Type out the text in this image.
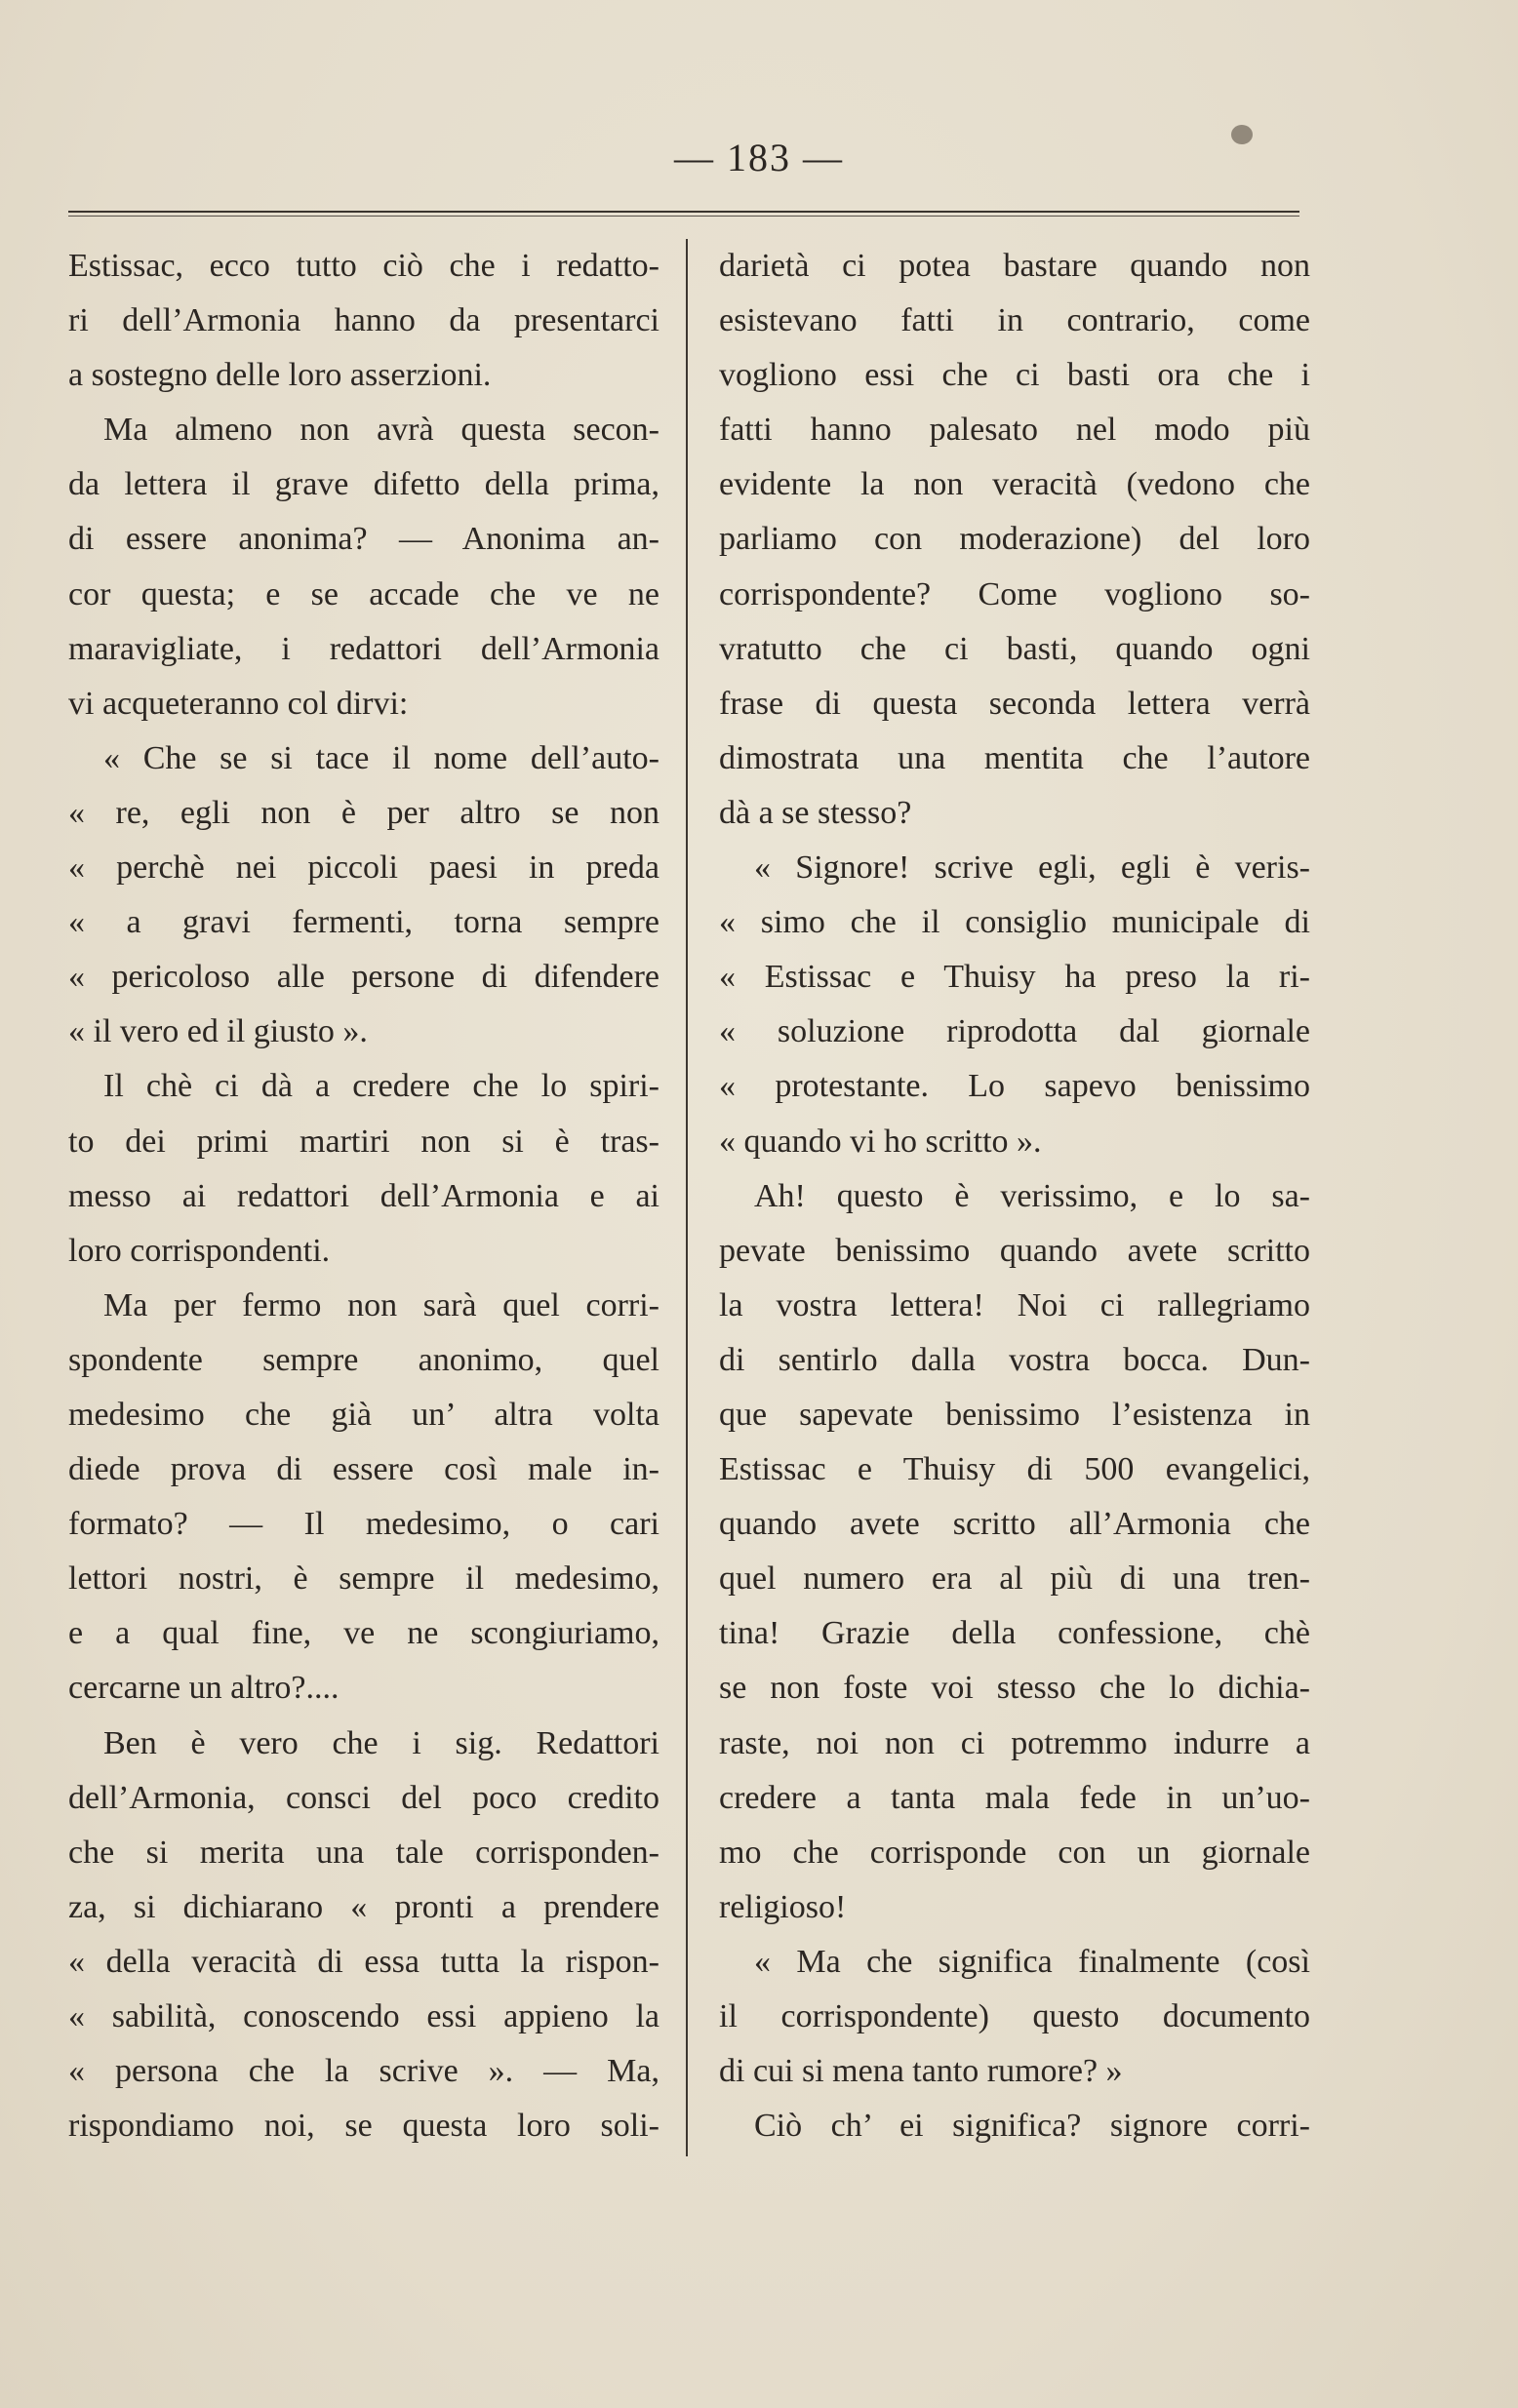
— 183 —
Estissac, ecco tutto ciò che i redatto-
ri dell’Armonia hanno da presentarci
a sostegno delle loro asserzioni.
Ma almeno non avrà questa secon-
da lettera il grave difetto della prima,
di essere anonima? — Anonima an-
cor questa; e se accade che ve ne
maravigliate, i redattori dell’Armonia
vi acqueteranno col dirvi:
« Che se si tace il nome dell’auto-
« re, egli non è per altro se non
« perchè nei piccoli paesi in preda
« a gravi fermenti, torna sempre
« pericoloso alle persone di difendere
« il vero ed il giusto ».
Il chè ci dà a credere che lo spiri-
to dei primi martiri non si è tras-
messo ai redattori dell’Armonia e ai
loro corrispondenti.
Ma per fermo non sarà quel corri-
spondente sempre anonimo, quel
medesimo che già un’ altra volta
diede prova di essere così male in-
formato? — Il medesimo, o cari
lettori nostri, è sempre il medesimo,
e a qual fine, ve ne scongiuriamo,
cercarne un altro?....
Ben è vero che i sig. Redattori
dell’Armonia, consci del poco credito
che si merita una tale corrisponden-
za, si dichiarano « pronti a prendere
« della veracità di essa tutta la rispon-
« sabilità, conoscendo essi appieno la
« persona che la scrive ». — Ma,
rispondiamo noi, se questa loro soli-
darietà ci potea bastare quando non
esistevano fatti in contrario, come
vogliono essi che ci basti ora che i
fatti hanno palesato nel modo più
evidente la non veracità (vedono che
parliamo con moderazione) del loro
corrispondente? Come vogliono so-
vratutto che ci basti, quando ogni
frase di questa seconda lettera verrà
dimostrata una mentita che l’autore
dà a se stesso?
« Signore! scrive egli, egli è veris-
« simo che il consiglio municipale di
« Estissac e Thuisy ha preso la ri-
« soluzione riprodotta dal giornale
« protestante. Lo sapevo benissimo
« quando vi ho scritto ».
Ah! questo è verissimo, e lo sa-
pevate benissimo quando avete scritto
la vostra lettera! Noi ci rallegriamo
di sentirlo dalla vostra bocca. Dun-
que sapevate benissimo l’esistenza in
Estissac e Thuisy di 500 evangelici,
quando avete scritto all’Armonia che
quel numero era al più di una tren-
tina! Grazie della confessione, chè
se non foste voi stesso che lo dichia-
raste, noi non ci potremmo indurre a
credere a tanta mala fede in un’uo-
mo che corrisponde con un giornale
religioso!
« Ma che significa finalmente (così
il corrispondente) questo documento
di cui si mena tanto rumore? »
Ciò ch’ ei significa? signore corri-
